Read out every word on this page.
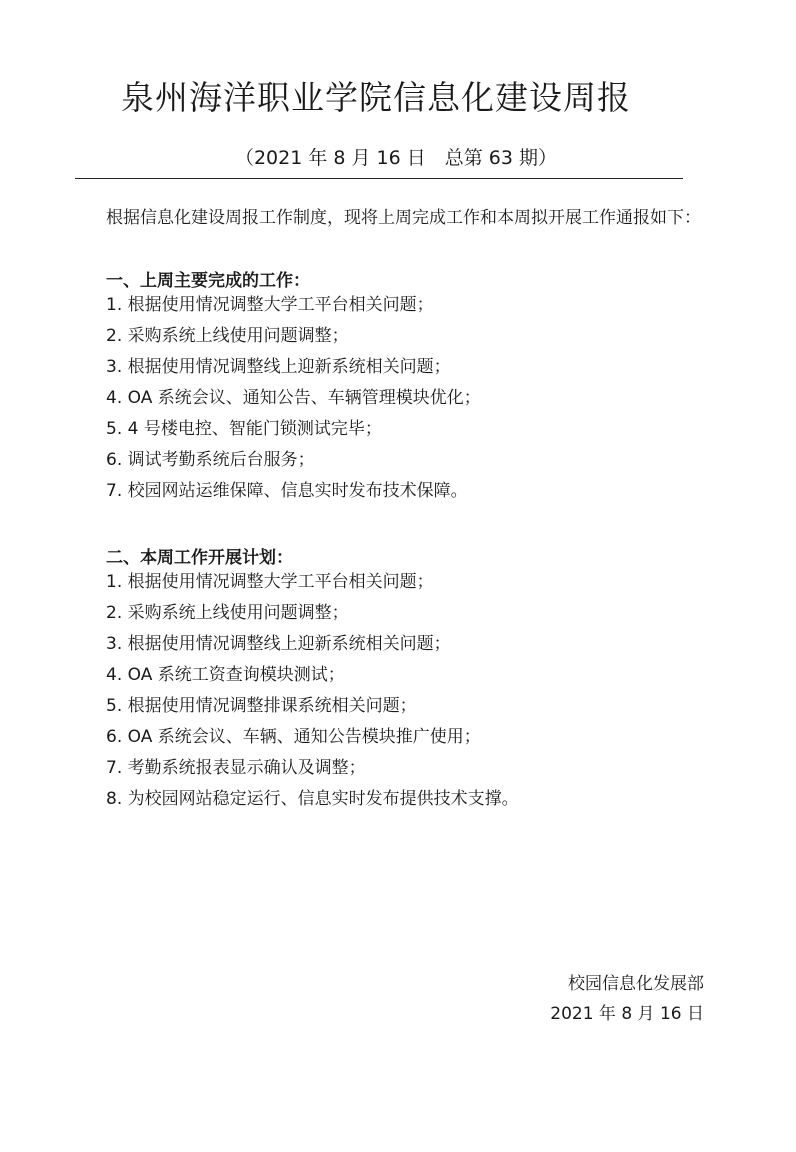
泉州海洋职业学院信息化建设周报
（2021 年 8 月 16 日　总第 63 期）
根据信息化建设周报工作制度，现将上周完成工作和本周拟开展工作通报如下：
一、上周主要完成的工作：
1. 根据使用情况调整大学工平台相关问题；
2. 采购系统上线使用问题调整；
3. 根据使用情况调整线上迎新系统相关问题；
4. OA 系统会议、通知公告、车辆管理模块优化；
5. 4 号楼电控、智能门锁测试完毕；
6. 调试考勤系统后台服务；
7. 校园网站运维保障、信息实时发布技术保障。
二、本周工作开展计划：
1. 根据使用情况调整大学工平台相关问题；
2. 采购系统上线使用问题调整；
3. 根据使用情况调整线上迎新系统相关问题；
4. OA 系统工资查询模块测试；
5. 根据使用情况调整排课系统相关问题；
6. OA 系统会议、车辆、通知公告模块推广使用；
7. 考勤系统报表显示确认及调整；
8. 为校园网站稳定运行、信息实时发布提供技术支撑。
校园信息化发展部
2021 年 8 月 16 日
